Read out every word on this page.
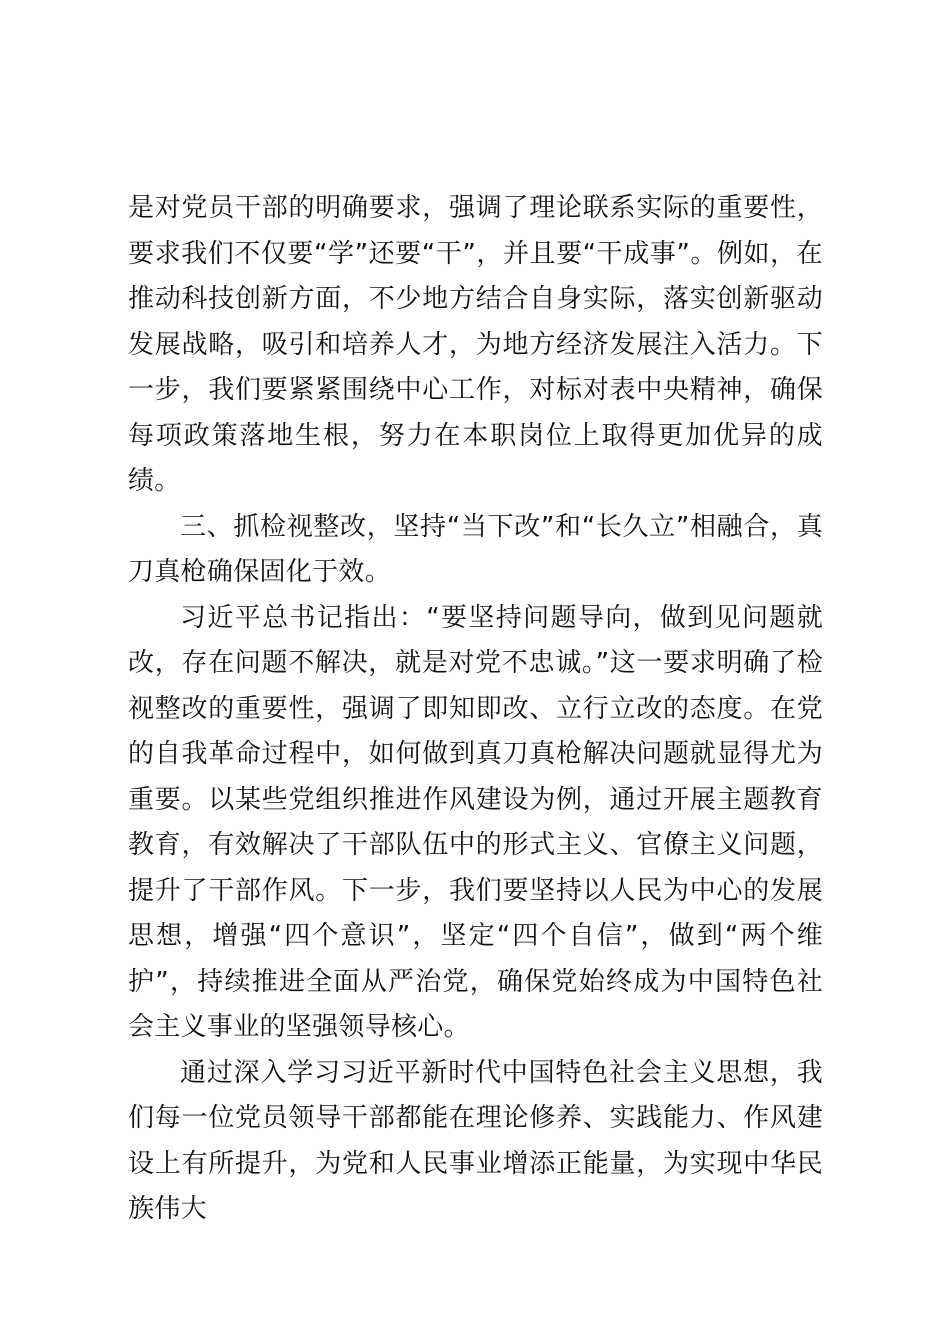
是对党员干部的明确要求，强调了理论联系实际的重要性，要求我们不仅要“学”还要“干”，并且要“干成事”。例如，在推动科技创新方面，不少地方结合自身实际，落实创新驱动发展战略，吸引和培养人才，为地方经济发展注入活力。下一步，我们要紧紧围绕中心工作，对标对表中央精神，确保每项政策落地生根，努力在本职岗位上取得更加优异的成绩。

三、抓检视整改，坚持“当下改”和“长久立”相融合，真刀真枪确保固化于效。

习近平总书记指出：“要坚持问题导向，做到见问题就改，存在问题不解决，就是对党不忠诚。”这一要求明确了检视整改的重要性，强调了即知即改、立行立改的态度。在党的自我革命过程中，如何做到真刀真枪解决问题就显得尤为重要。以某些党组织推进作风建设为例，通过开展主题教育教育，有效解决了干部队伍中的形式主义、官僚主义问题，提升了干部作风。下一步，我们要坚持以人民为中心的发展思想，增强“四个意识”，坚定“四个自信”，做到“两个维护”，持续推进全面从严治党，确保党始终成为中国特色社会主义事业的坚强领导核心。

通过深入学习习近平新时代中国特色社会主义思想，我们每一位党员领导干部都能在理论修养、实践能力、作风建设上有所提升，为党和人民事业增添正能量，为实现中华民族伟大
